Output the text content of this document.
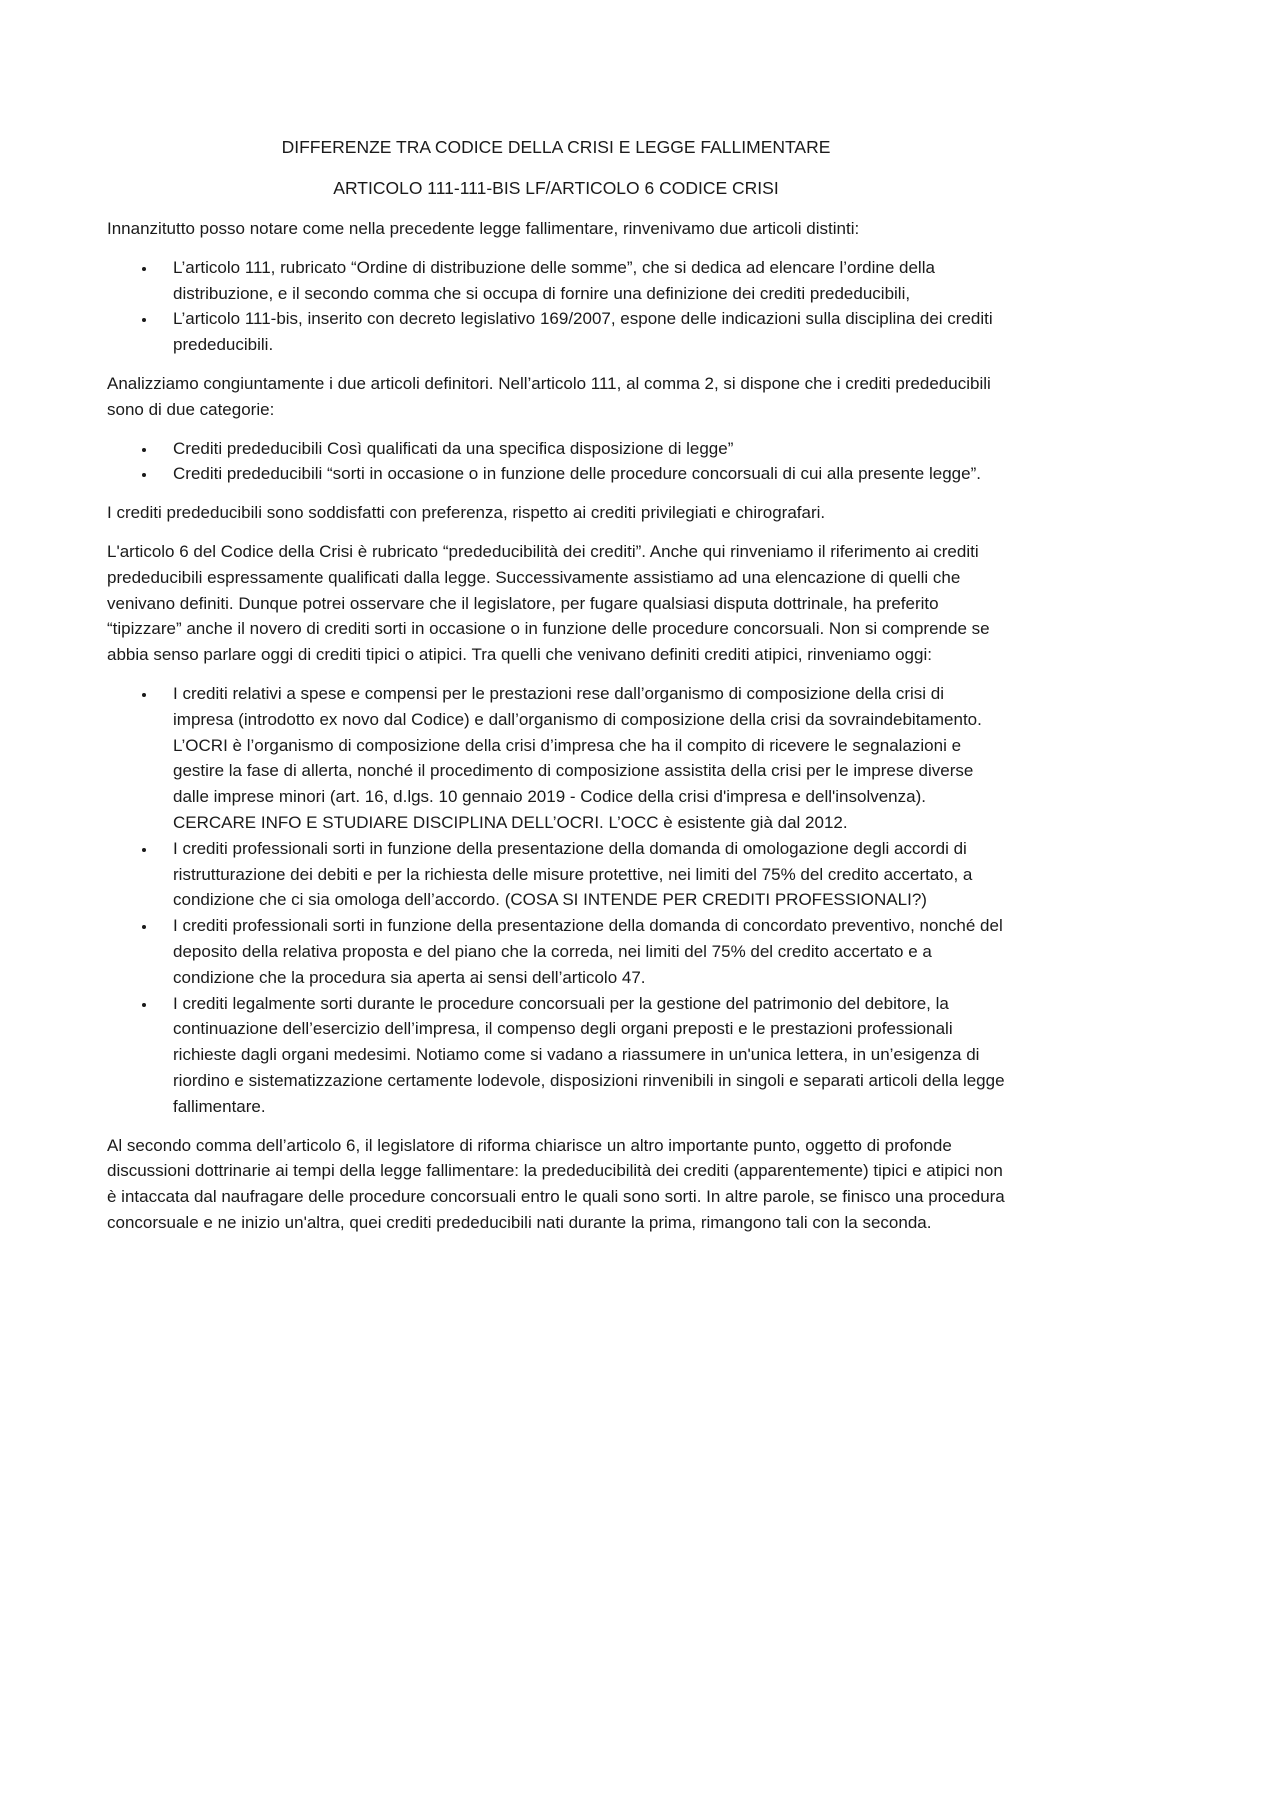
DIFFERENZE TRA CODICE DELLA CRISI E LEGGE FALLIMENTARE
ARTICOLO 111-111-BIS LF/ARTICOLO 6 CODICE CRISI

Innanzitutto posso notare come nella precedente legge fallimentare, rinvenivamo due articoli distinti:

• L’articolo 111, rubricato “Ordine di distribuzione delle somme”, che si dedica ad elencare l’ordine della distribuzione, e il secondo comma che si occupa di fornire una definizione dei crediti prededucibili,
• L’articolo 111-bis, inserito con decreto legislativo 169/2007, espone delle indicazioni sulla disciplina dei crediti prededucibili.

Analizziamo congiuntamente i due articoli definitori. Nell’articolo 111, al comma 2, si dispone che i crediti prededucibili sono di due categorie:

• Crediti prededucibili Così qualificati da una specifica disposizione di legge”
• Crediti prededucibili “sorti in occasione o in funzione delle procedure concorsuali di cui alla presente legge”.

I crediti prededucibili sono soddisfatti con preferenza, rispetto ai crediti privilegiati e chirografari.

L'articolo 6 del Codice della Crisi è rubricato “prededucibilità dei crediti”. Anche qui rinveniamo il riferimento ai crediti prededucibili espressamente qualificati dalla legge. Successivamente assistiamo ad una elencazione di quelli che venivano definiti. Dunque potrei osservare che il legislatore, per fugare qualsiasi disputa dottrinale, ha preferito “tipizzare” anche il novero di crediti sorti in occasione o in funzione delle procedure concorsuali. Non si comprende se abbia senso parlare oggi di crediti tipici o atipici. Tra quelli che venivano definiti crediti atipici, rinveniamo oggi:

• I crediti relativi a spese e compensi per le prestazioni rese dall’organismo di composizione della crisi di impresa (introdotto ex novo dal Codice) e dall’organismo di composizione della crisi da sovraindebitamento. L’OCRI è l’organismo di composizione della crisi d’impresa che ha il compito di ricevere le segnalazioni e gestire la fase di allerta, nonché il procedimento di composizione assistita della crisi per le imprese diverse dalle imprese minori (art. 16, d.lgs. 10 gennaio 2019 - Codice della crisi d'impresa e dell'insolvenza). CERCARE INFO E STUDIARE DISCIPLINA DELL’OCRI. L’OCC è esistente già dal 2012.
• I crediti professionali sorti in funzione della presentazione della domanda di omologazione degli accordi di ristrutturazione dei debiti e per la richiesta delle misure protettive, nei limiti del 75% del credito accertato, a condizione che ci sia omologa dell’accordo. (COSA SI INTENDE PER CREDITI PROFESSIONALI?)
• I crediti professionali sorti in funzione della presentazione della domanda di concordato preventivo, nonché del deposito della relativa proposta e del piano che la correda, nei limiti del 75% del credito accertato e a condizione che la procedura sia aperta ai sensi dell’articolo 47.
• I crediti legalmente sorti durante le procedure concorsuali per la gestione del patrimonio del debitore, la continuazione dell’esercizio dell’impresa, il compenso degli organi preposti e le prestazioni professionali richieste dagli organi medesimi. Notiamo come si vadano a riassumere in un'unica lettera, in un’esigenza di riordino e sistematizzazione certamente lodevole, disposizioni rinvenibili in singoli e separati articoli della legge fallimentare.

Al secondo comma dell’articolo 6, il legislatore di riforma chiarisce un altro importante punto, oggetto di profonde discussioni dottrinarie ai tempi della legge fallimentare: la prededucibilità dei crediti (apparentemente) tipici e atipici non è intaccata dal naufragare delle procedure concorsuali entro le quali sono sorti. In altre parole, se finisco una procedura concorsuale e ne inizio un'altra, quei crediti prededucibili nati durante la prima, rimangono tali con la seconda.
